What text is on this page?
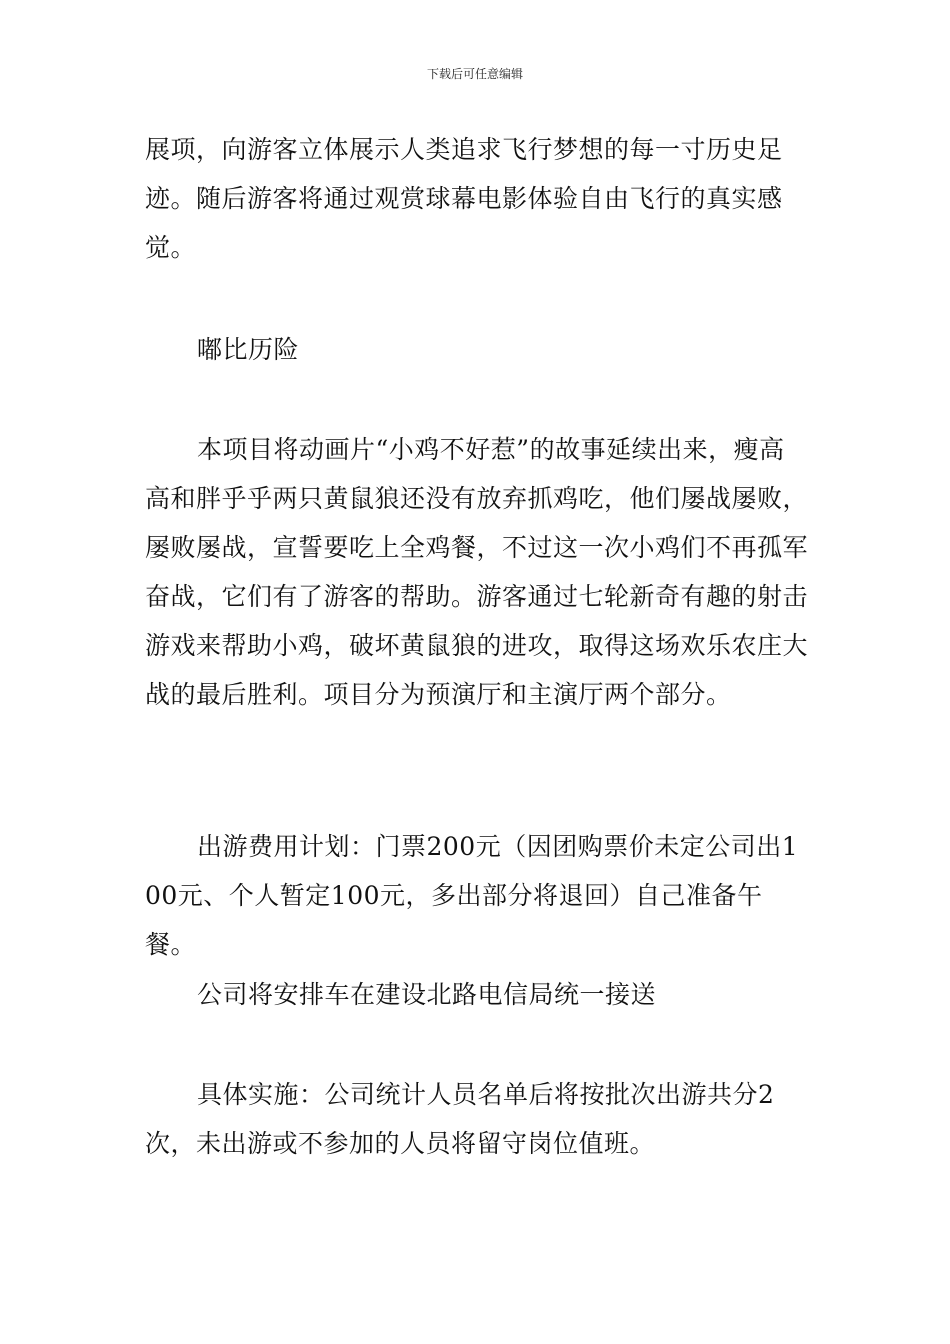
下载后可任意编辑

展项，向游客立体展示人类追求飞行梦想的每一寸历史足迹。随后游客将通过观赏球幕电影体验自由飞行的真实感觉。

嘟比历险

本项目将动画片“小鸡不好惹”的故事延续出来，瘦高高和胖乎乎两只黄鼠狼还没有放弃抓鸡吃，他们屡战屡败，屡败屡战，宣誓要吃上全鸡餐，不过这一次小鸡们不再孤军奋战，它们有了游客的帮助。游客通过七轮新奇有趣的射击游戏来帮助小鸡，破坏黄鼠狼的进攻，取得这场欢乐农庄大战的最后胜利。项目分为预演厅和主演厅两个部分。

出游费用计划：门票200元（因团购票价未定公司出100元、个人暂定100元，多出部分将退回）自己准备午餐。

公司将安排车在建设北路电信局统一接送

具体实施：公司统计人员名单后将按批次出游共分2次，未出游或不参加的人员将留守岗位值班。
